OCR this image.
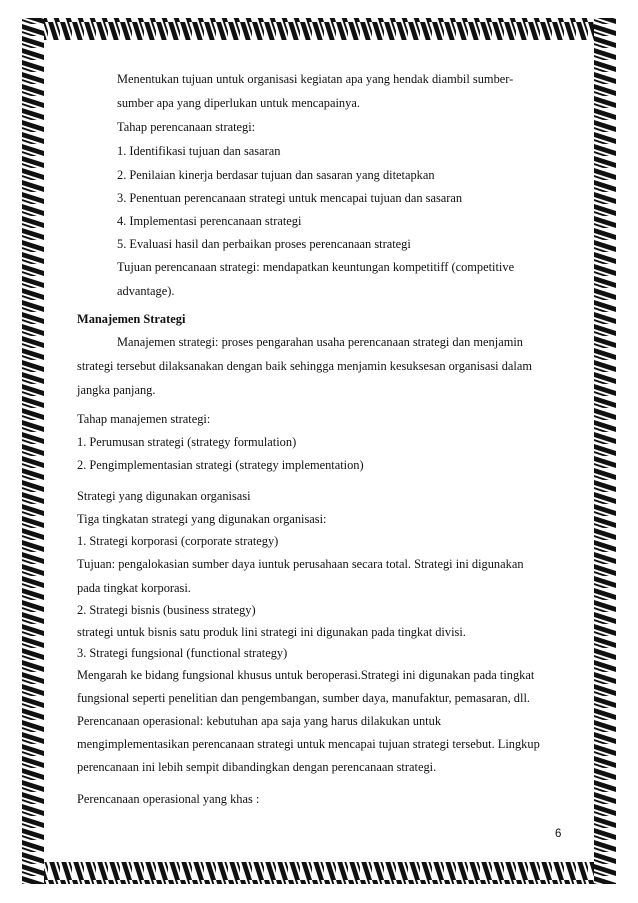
Menentukan tujuan untuk organisasi kegiatan apa yang hendak diambil sumber-
sumber apa yang diperlukan untuk mencapainya.
Tahap perencanaan strategi:
1. Identifikasi tujuan dan sasaran
2. Penilaian kinerja berdasar tujuan dan sasaran yang ditetapkan
3. Penentuan perencanaan strategi untuk mencapai tujuan dan sasaran
4. Implementasi perencanaan strategi
5. Evaluasi hasil dan perbaikan proses perencanaan strategi
Tujuan perencanaan strategi: mendapatkan keuntungan kompetitiff (competitive
advantage).
Manajemen Strategi
Manajemen strategi: proses pengarahan usaha perencanaan strategi dan menjamin
strategi tersebut dilaksanakan dengan baik sehingga menjamin kesuksesan organisasi dalam
jangka panjang.
Tahap manajemen strategi:
1. Perumusan strategi (strategy formulation)
2. Pengimplementasian strategi (strategy implementation)
Strategi yang digunakan organisasi
Tiga tingkatan strategi yang digunakan organisasi:
1. Strategi korporasi (corporate strategy)
Tujuan: pengalokasian sumber daya iuntuk perusahaan secara total. Strategi ini digunakan
pada tingkat korporasi.
2. Strategi bisnis (business strategy)
strategi untuk bisnis satu produk lini strategi ini digunakan pada tingkat divisi.
3. Strategi fungsional (functional strategy)
Mengarah ke bidang fungsional khusus untuk beroperasi.Strategi ini digunakan pada tingkat
fungsional seperti penelitian dan pengembangan, sumber daya, manufaktur, pemasaran, dll.
Perencanaan operasional: kebutuhan apa saja yang harus dilakukan untuk
mengimplementasikan perencanaan strategi untuk mencapai tujuan strategi tersebut. Lingkup
perencanaan ini lebih sempit dibandingkan dengan perencanaan strategi.
Perencanaan operasional yang khas :
6
